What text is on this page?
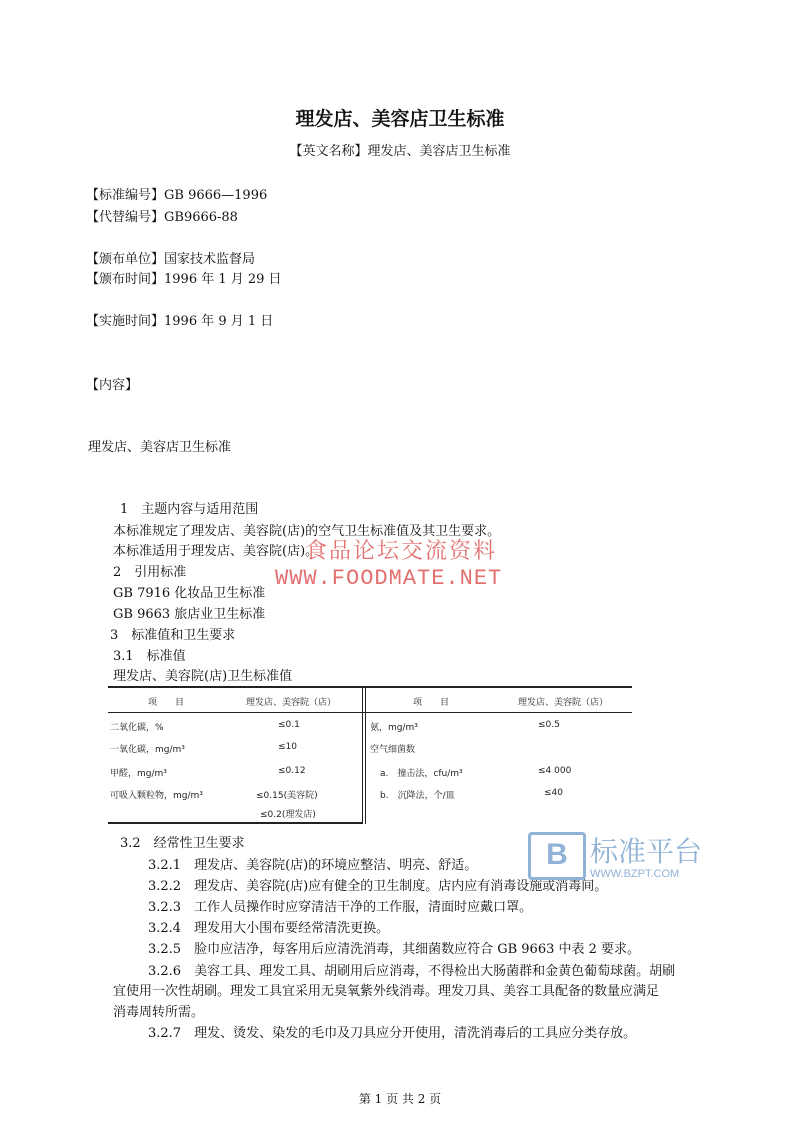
理发店、美容店卫生标准
【英文名称】理发店、美容店卫生标准
【标准编号】GB 9666—1996
【代替编号】GB9666-88
【颁布单位】国家技术监督局
【颁布时间】1996 年 1 月 29 日
【实施时间】1996 年 9 月 1 日
【内容】
理发店、美容店卫生标准
1　主题内容与适用范围
本标准规定了理发店、美容院(店)的空气卫生标准值及其卫生要求。
本标准适用于理发店、美容院(店)。
2　引用标准
GB 7916 化妆品卫生标准
GB 9663 旅店业卫生标准
3　标准值和卫生要求
3.1　标准值
理发店、美容院(店)卫生标准值
食品论坛交流资料
WWW.FOODMATE.NET
项　　目	理发店、美容院（店）	项　　目	理发店、美容院（店）
二氧化碳，%	≤0.1
一氧化碳，mg/m³	≤10
甲醛，mg/m³	≤0.12
可吸入颗粒物，mg/m³	≤0.15(美容院)
≤0.2(理发店)
氨，mg/m³	≤0.5
空气细菌数
a.　撞击法，cfu/m³	≤4 000
b.　沉降法，个/皿	≤40
3.2　经常性卫生要求
3.2.1　理发店、美容院(店)的环境应整洁、明亮、舒适。
3.2.2　理发店、美容院(店)应有健全的卫生制度。店内应有消毒设施或消毒间。
3.2.3　工作人员操作时应穿清洁干净的工作服，清面时应戴口罩。
3.2.4　理发用大小围布要经常清洗更换。
3.2.5　脸巾应洁净，每客用后应清洗消毒，其细菌数应符合 GB 9663 中表 2 要求。
3.2.6　美容工具、理发工具、胡刷用后应消毒，不得检出大肠菌群和金黄色葡萄球菌。胡刷
宜使用一次性胡刷。理发工具宜采用无臭氧紫外线消毒。理发刀具、美容工具配备的数量应满足
消毒周转所需。
3.2.7　理发、烫发、染发的毛巾及刀具应分开使用，清洗消毒后的工具应分类存放。
B 标准平台
WWW.BZPT.COM
第 1 页 共 2 页
